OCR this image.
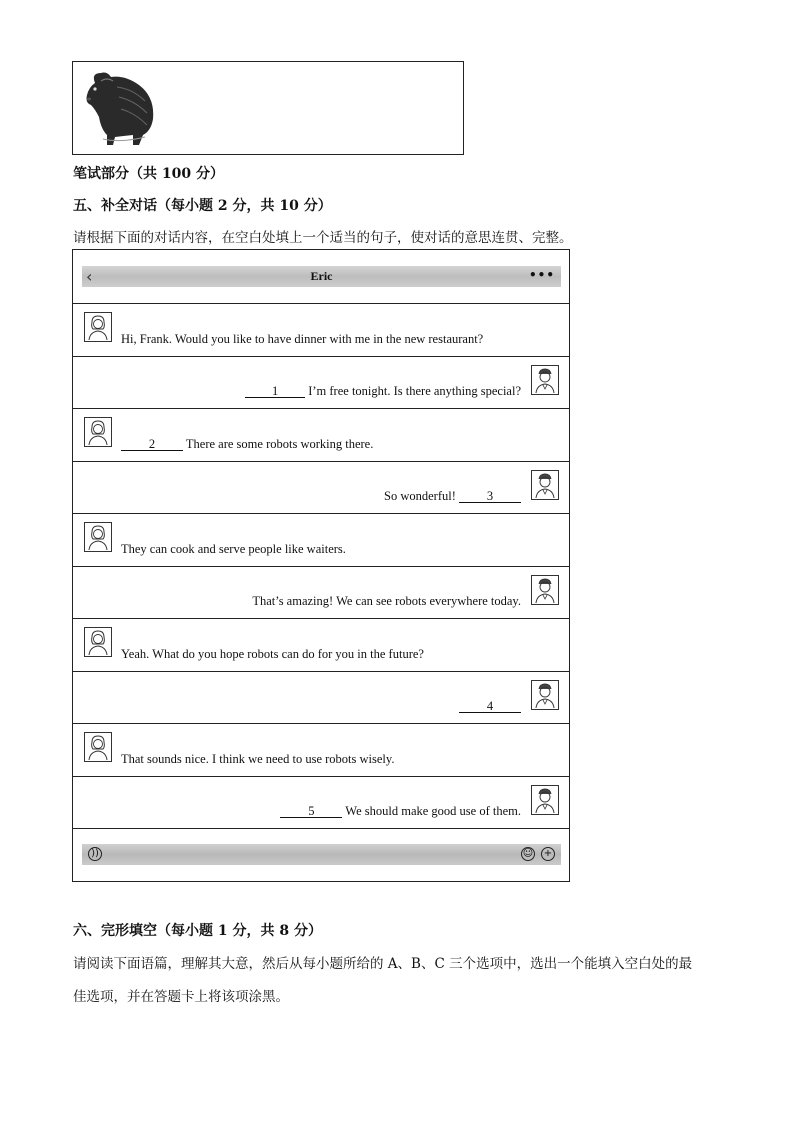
笔试部分（共 100 分）
五、补全对话（每小题 2 分，共 10 分）
请根据下面的对话内容，在空白处填上一个适当的句子，使对话的意思连贯、完整。
‹	Eric	•••
Hi, Frank. Would you like to have dinner with me in the new restaurant?
1 I’m free tonight. Is there anything special?
2 There are some robots working there.
So wonderful! 3
They can cook and serve people like waiters.
That’s amazing! We can see robots everywhere today.
Yeah. What do you hope robots can do for you in the future?
4
That sounds nice. I think we need to use robots wisely.
5 We should make good use of them.
))	☺ +
六、完形填空（每小题 1 分，共 8 分）
请阅读下面语篇，理解其大意，然后从每小题所给的 A、B、C 三个选项中，选出一个能填入空白处的最
佳选项，并在答题卡上将该项涂黑。
